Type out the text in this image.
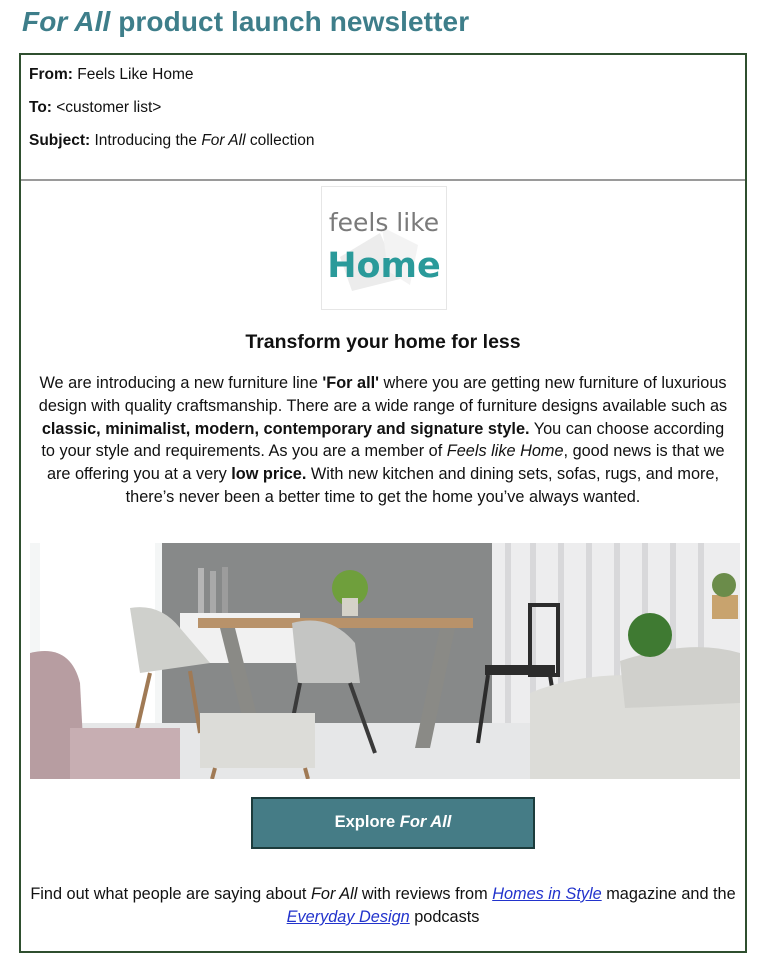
For All product launch newsletter
From: Feels Like Home
To: <customer list>
Subject: Introducing the For All collection
feels like
Home
Transform your home for less
We are introducing a new furniture line 'For all' where you are getting new furniture of luxurious design with quality craftsmanship. There are a wide range of furniture designs available such as classic, minimalist, modern, contemporary and signature style. You can choose according to your style and requirements. As you are a member of Feels like Home, good news is that we are offering you at a very low price. With new kitchen and dining sets, sofas, rugs, and more, there’s never been a better time to get the home you’ve always wanted.
Explore For All
Find out what people are saying about For All with reviews from Homes in Style magazine and the Everyday Design podcasts
